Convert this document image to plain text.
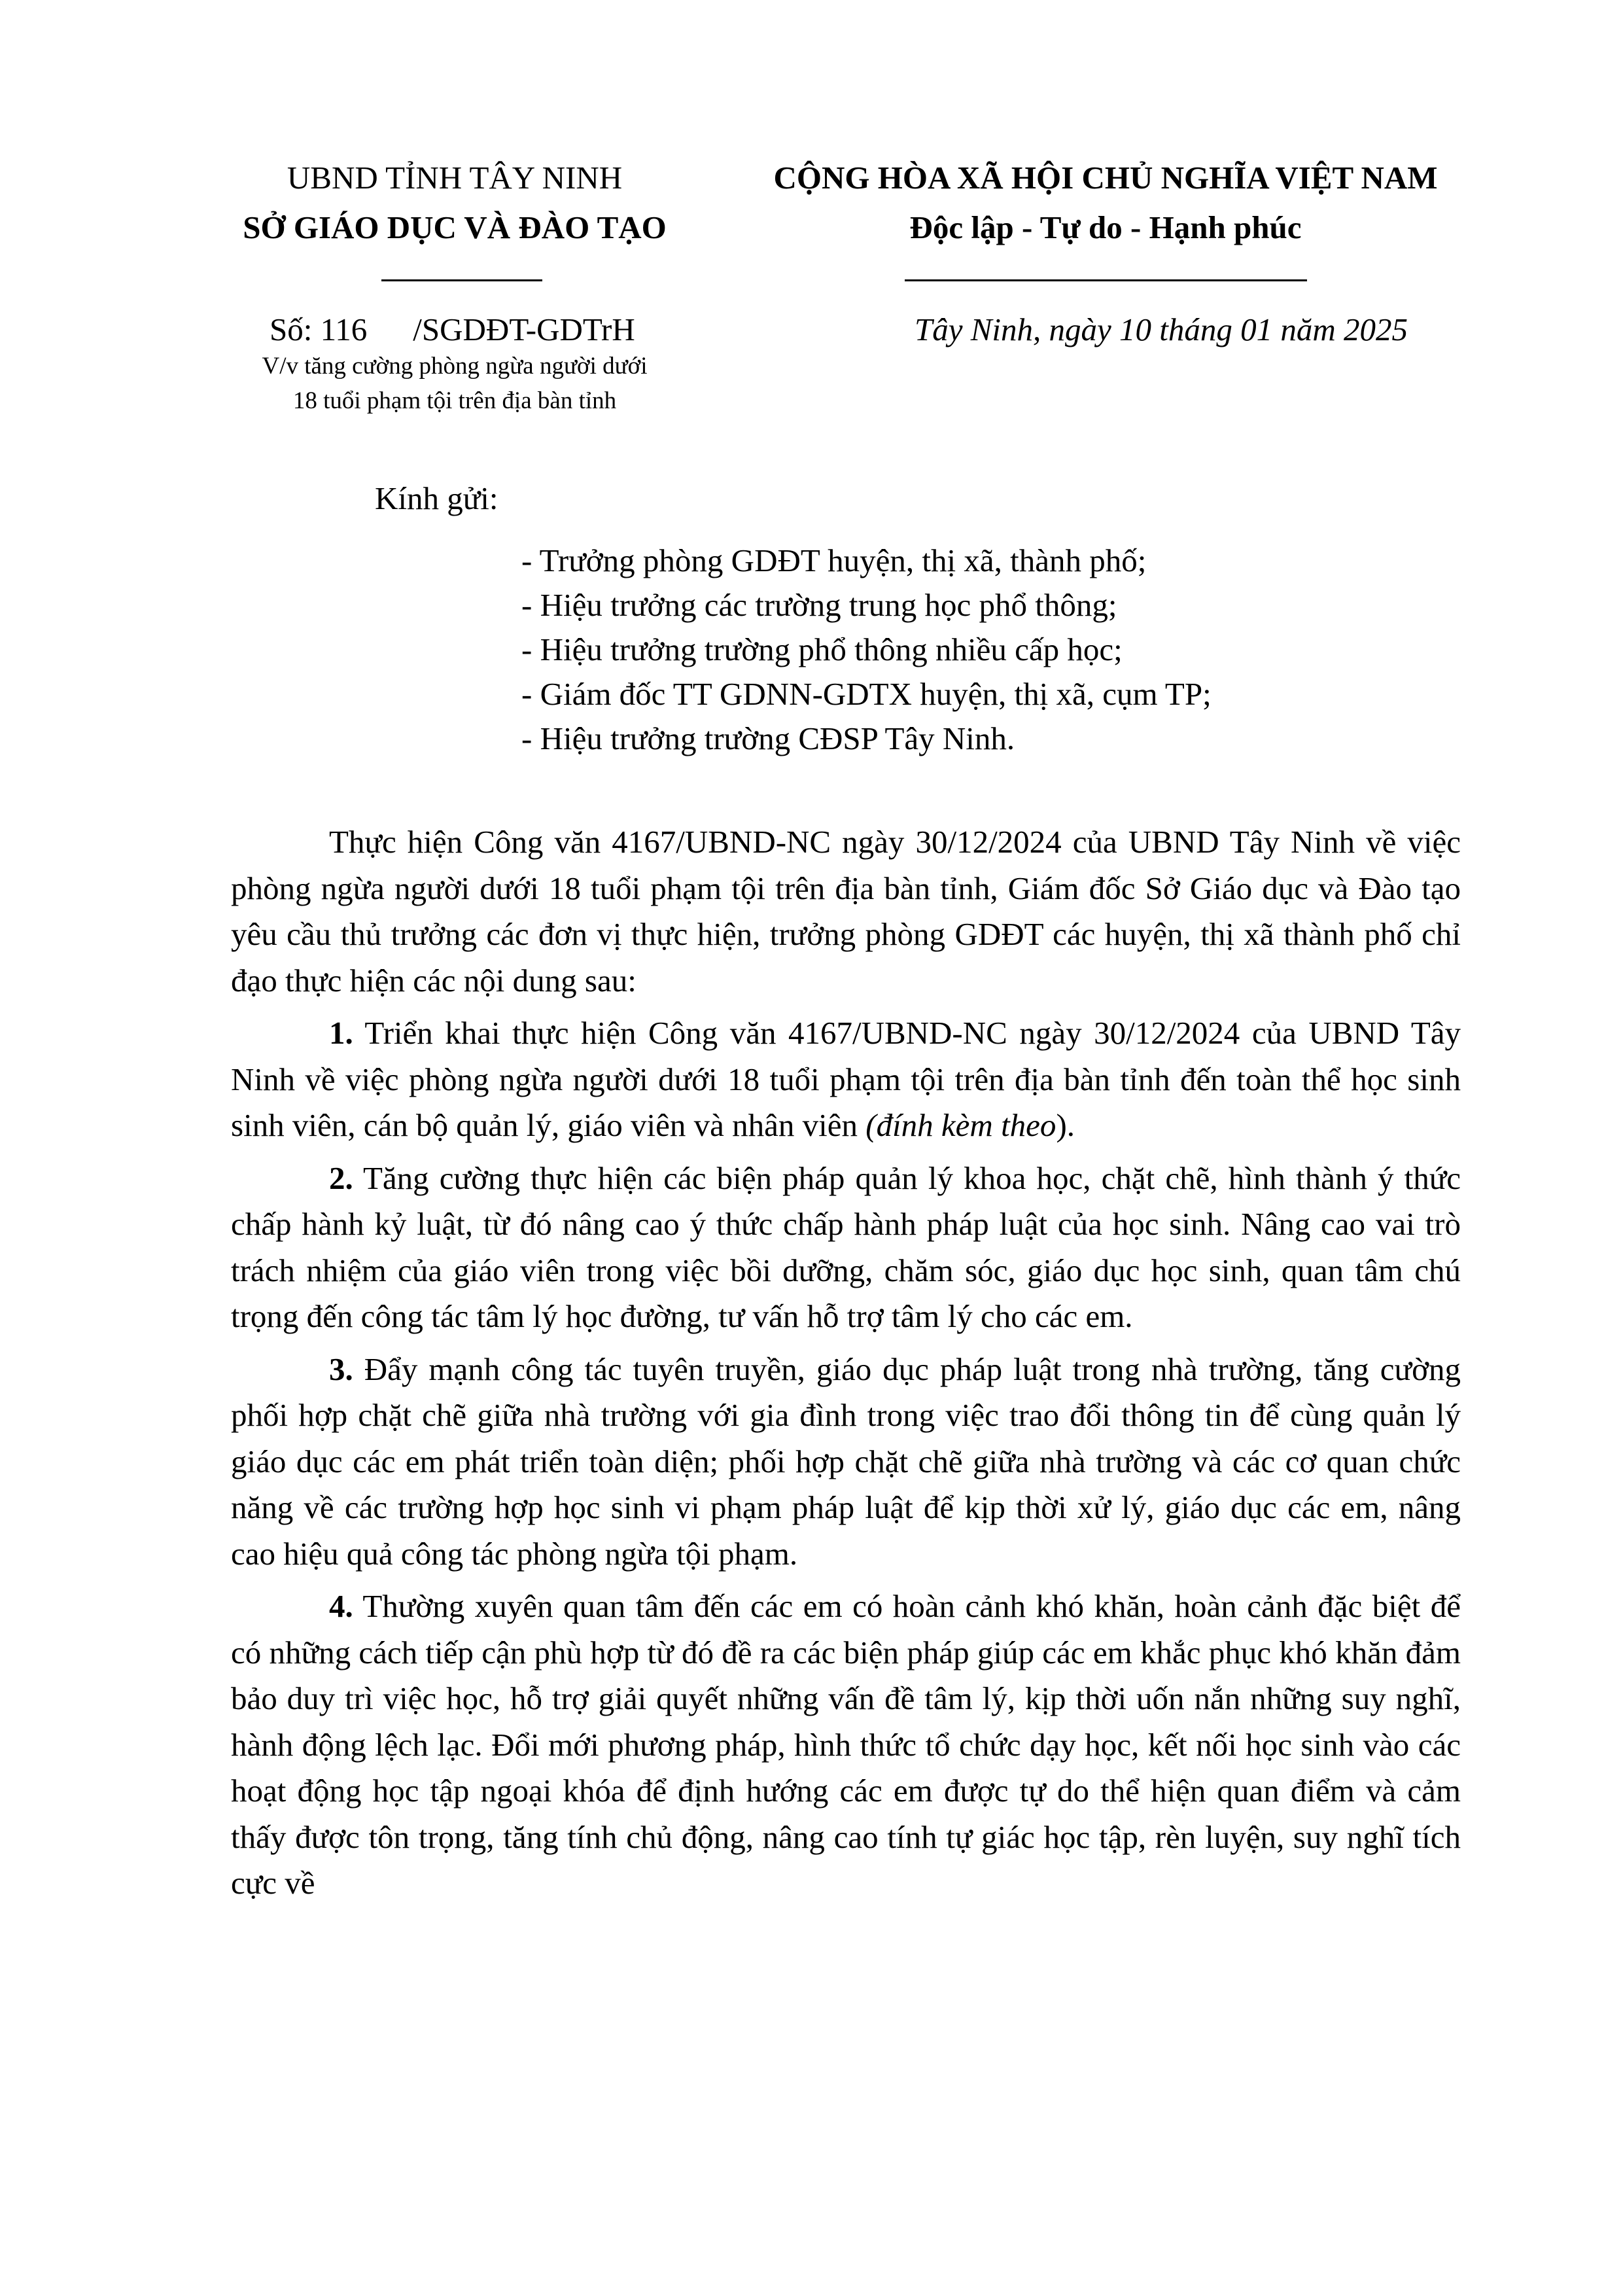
UBND TỈNH TÂY NINH
SỞ GIÁO DỤC VÀ ĐÀO TẠO
CỘNG HÒA XÃ HỘI CHỦ NGHĨA VIỆT NAM
Độc lập - Tự do - Hạnh phúc
Số: 116 /SGDĐT-GDTrH	Tây Ninh, ngày 10 tháng 01 năm 2025
V/v tăng cường phòng ngừa người dưới
18 tuổi phạm tội trên địa bàn tỉnh
Kính gửi:
- Trưởng phòng GDĐT huyện, thị xã, thành phố;
- Hiệu trưởng các trường trung học phổ thông;
- Hiệu trưởng trường phổ thông nhiều cấp học;
- Giám đốc TT GDNN-GDTX huyện, thị xã, cụm TP;
- Hiệu trưởng trường CĐSP Tây Ninh.

Thực hiện Công văn 4167/UBND-NC ngày 30/12/2024 của UBND Tây Ninh về việc phòng ngừa người dưới 18 tuổi phạm tội trên địa bàn tỉnh, Giám đốc Sở Giáo dục và Đào tạo yêu cầu thủ trưởng các đơn vị thực hiện, trưởng phòng GDĐT các huyện, thị xã thành phố chỉ đạo thực hiện các nội dung sau:

1. Triển khai thực hiện Công văn 4167/UBND-NC ngày 30/12/2024 của UBND Tây Ninh về việc phòng ngừa người dưới 18 tuổi phạm tội trên địa bàn tỉnh đến toàn thể học sinh sinh viên, cán bộ quản lý, giáo viên và nhân viên (đính kèm theo).

2. Tăng cường thực hiện các biện pháp quản lý khoa học, chặt chẽ, hình thành ý thức chấp hành kỷ luật, từ đó nâng cao ý thức chấp hành pháp luật của học sinh. Nâng cao vai trò trách nhiệm của giáo viên trong việc bồi dưỡng, chăm sóc, giáo dục học sinh, quan tâm chú trọng đến công tác tâm lý học đường, tư vấn hỗ trợ tâm lý cho các em.

3. Đẩy mạnh công tác tuyên truyền, giáo dục pháp luật trong nhà trường, tăng cường phối hợp chặt chẽ giữa nhà trường với gia đình trong việc trao đổi thông tin để cùng quản lý giáo dục các em phát triển toàn diện; phối hợp chặt chẽ giữa nhà trường và các cơ quan chức năng về các trường hợp học sinh vi phạm pháp luật để kịp thời xử lý, giáo dục các em, nâng cao hiệu quả công tác phòng ngừa tội phạm.

4. Thường xuyên quan tâm đến các em có hoàn cảnh khó khăn, hoàn cảnh đặc biệt để có những cách tiếp cận phù hợp từ đó đề ra các biện pháp giúp các em khắc phục khó khăn đảm bảo duy trì việc học, hỗ trợ giải quyết những vấn đề tâm lý, kịp thời uốn nắn những suy nghĩ, hành động lệch lạc. Đổi mới phương pháp, hình thức tổ chức dạy học, kết nối học sinh vào các hoạt động học tập ngoại khóa để định hướng các em được tự do thể hiện quan điểm và cảm thấy được tôn trọng, tăng tính chủ động, nâng cao tính tự giác học tập, rèn luyện, suy nghĩ tích cực về
